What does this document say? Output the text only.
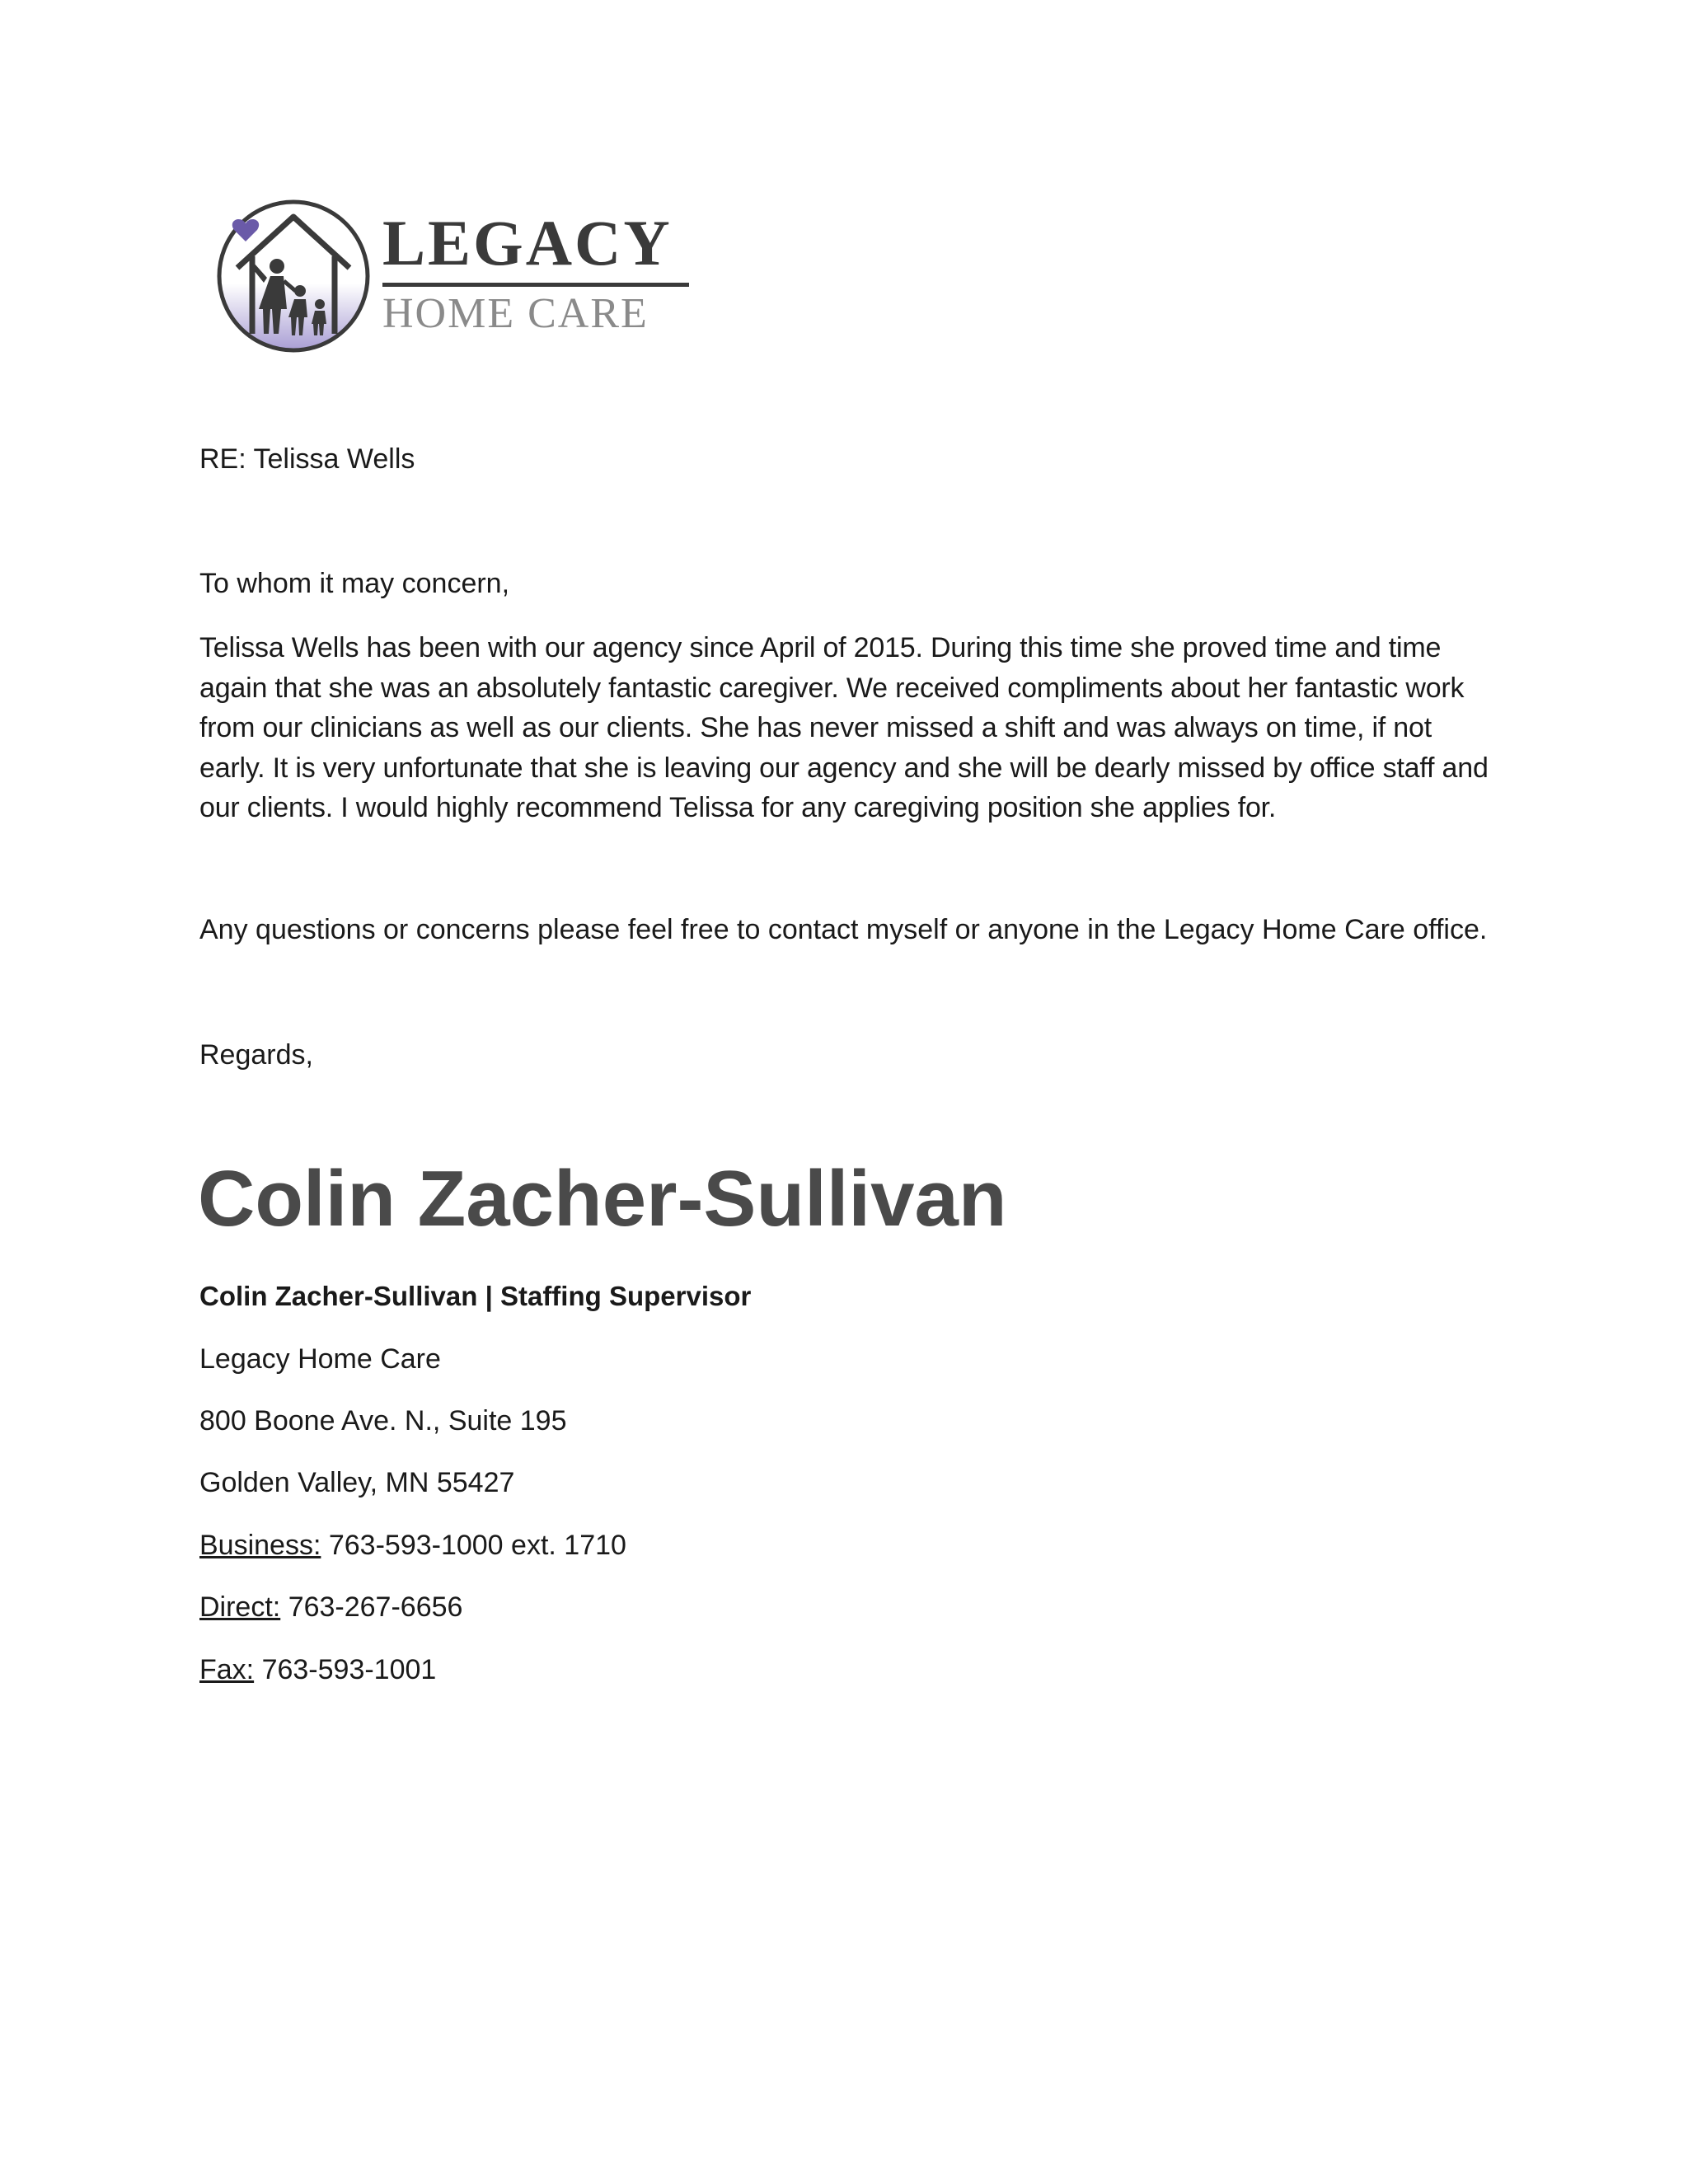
LEGACY
HOME CARE
RE: Telissa Wells
To whom it may concern,
Telissa Wells has been with our agency since April of 2015. During this time she proved time and time again that she was an absolutely fantastic caregiver. We received compliments about her fantastic work from our clinicians as well as our clients. She has never missed a shift and was always on time, if not early. It is very unfortunate that she is leaving our agency and she will be dearly missed by office staff and our clients. I would highly recommend Telissa for any caregiving position she applies for.
Any questions or concerns please feel free to contact myself or anyone in the Legacy Home Care office.
Regards,
Colin Zacher-Sullivan
Colin Zacher-Sullivan | Staffing Supervisor
Legacy Home Care
800 Boone Ave. N., Suite 195
Golden Valley, MN 55427
Business: 763-593-1000 ext. 1710
Direct: 763-267-6656
Fax: 763-593-1001
